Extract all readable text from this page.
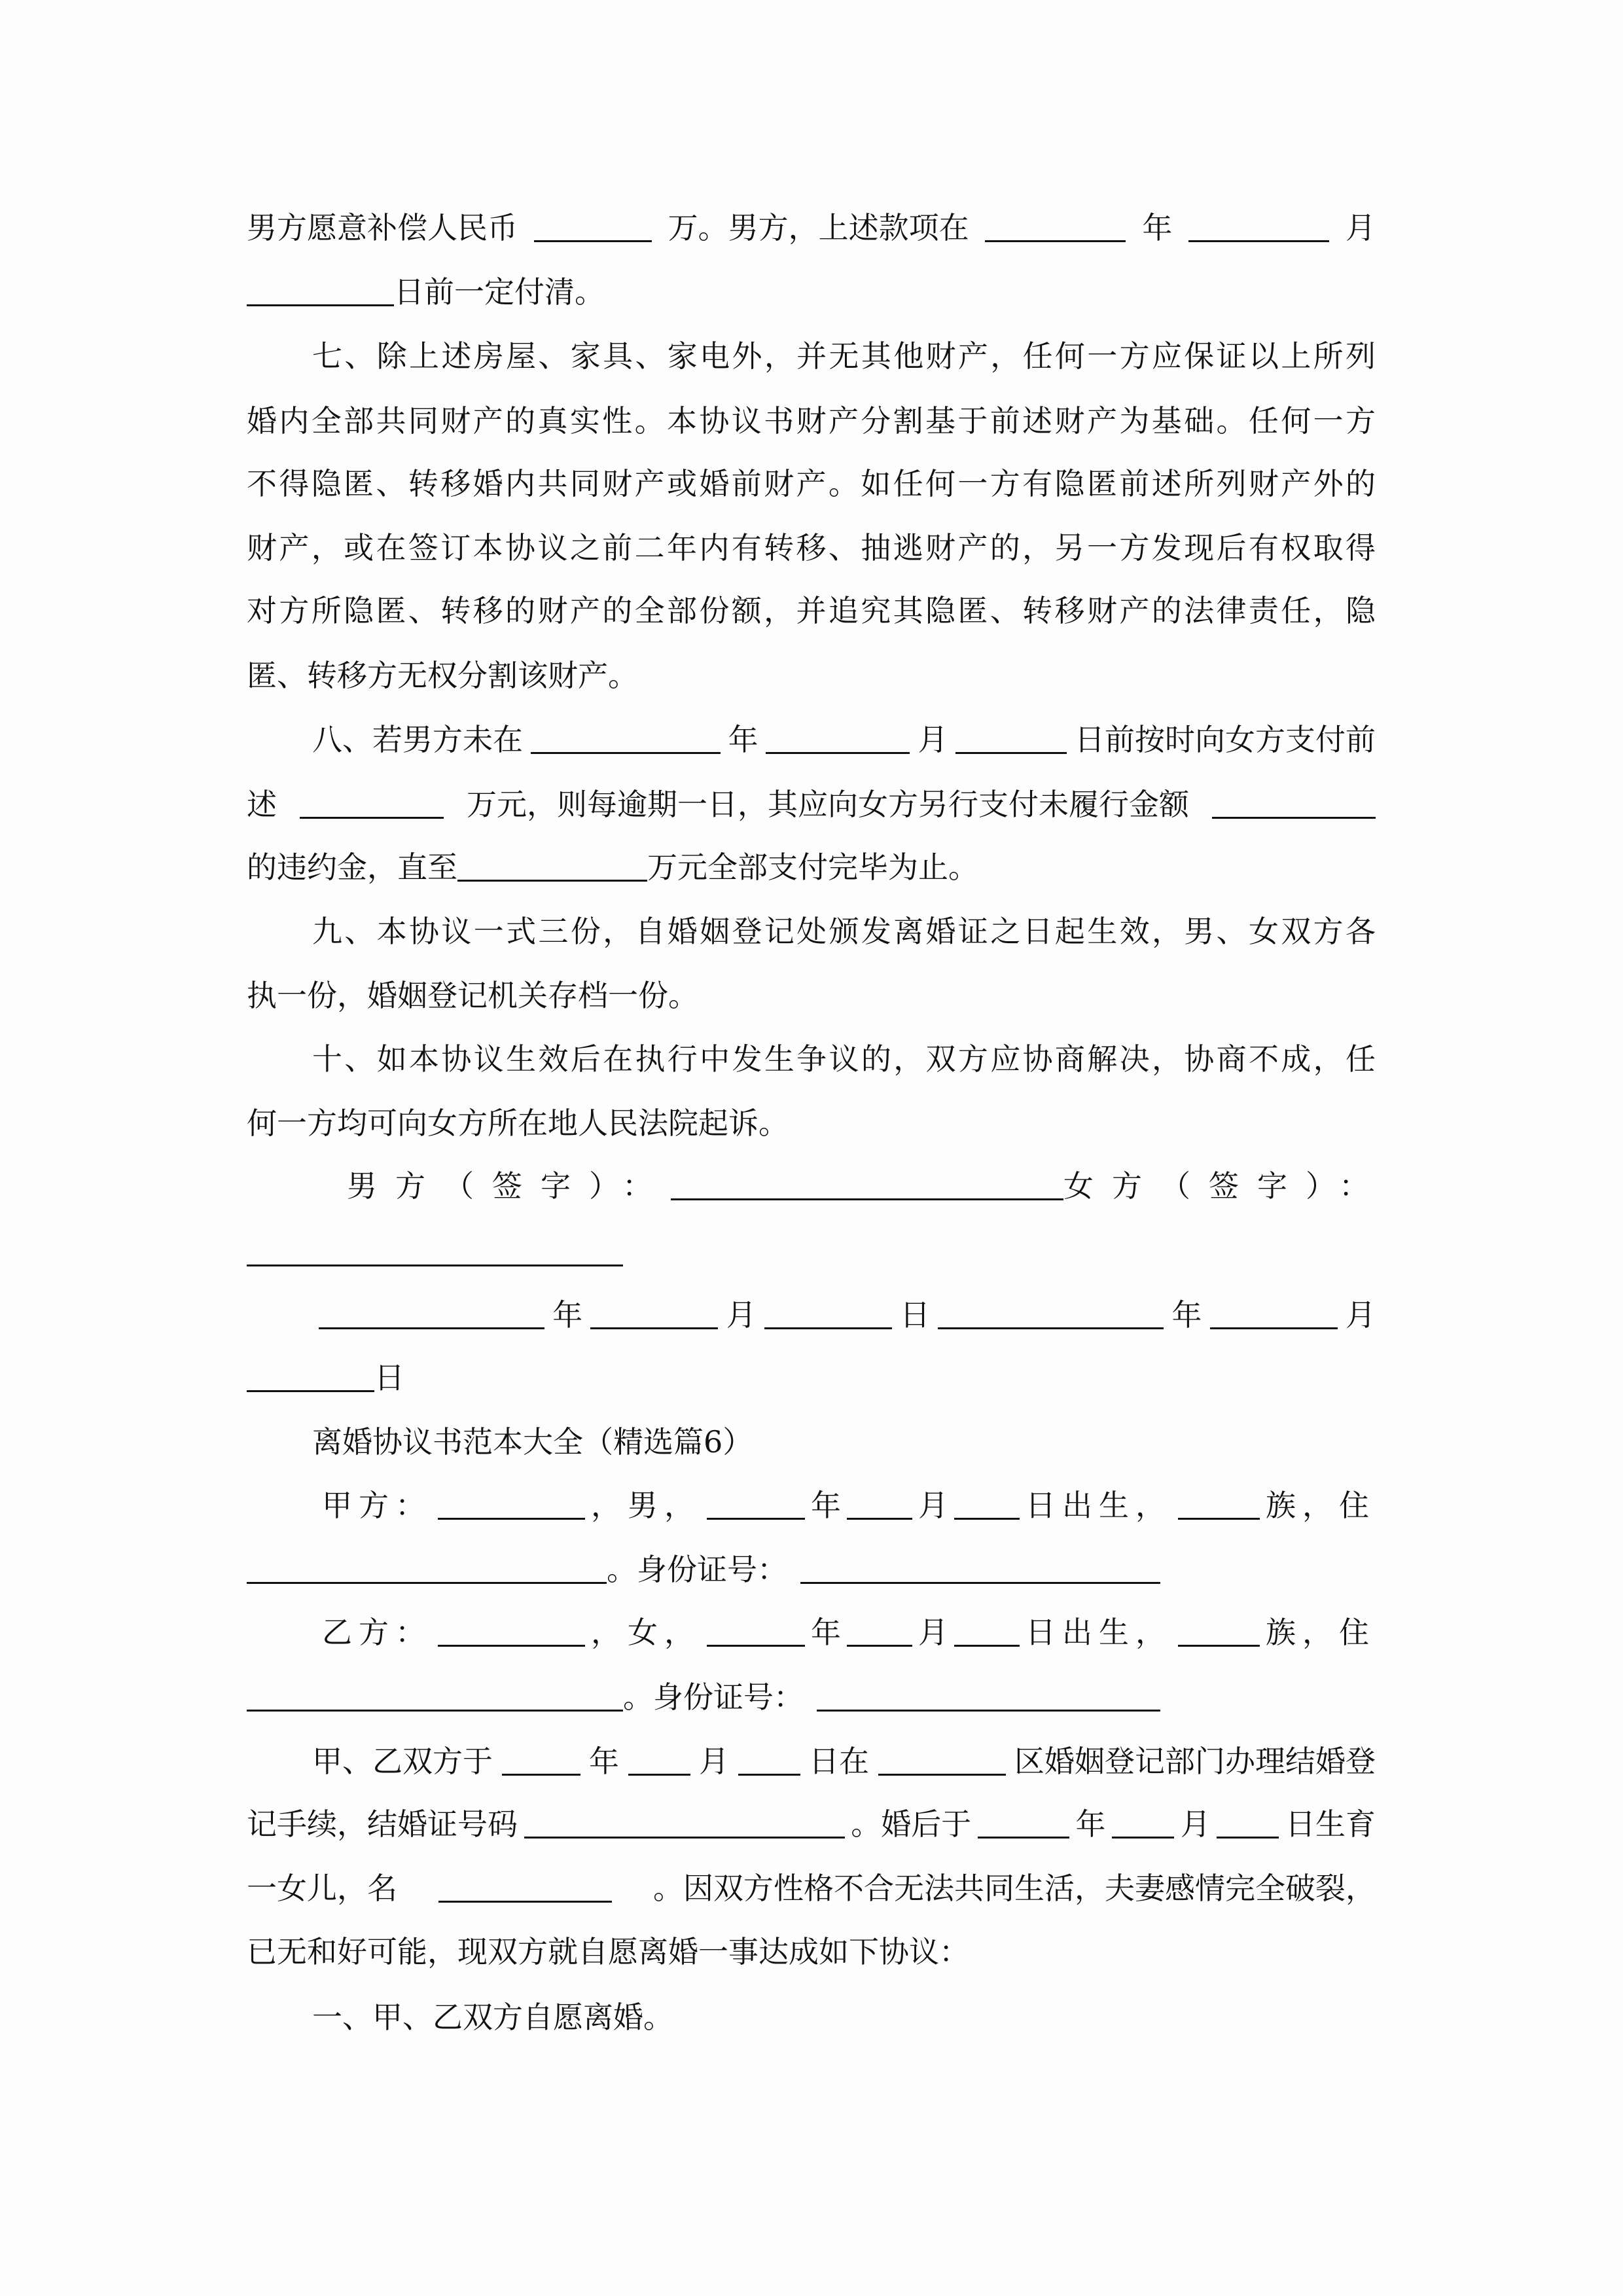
男方愿意补偿人民币	万。男方，上述款项在	年	月
日前一定付清。
七、除上述房屋、家具、家电外，并无其他财产，任何一方应保证以上所列
婚内全部共同财产的真实性。本协议书财产分割基于前述财产为基础。任何一方
不得隐匿、转移婚内共同财产或婚前财产。如任何一方有隐匿前述所列财产外的
财产，或在签订本协议之前二年内有转移、抽逃财产的，另一方发现后有权取得
对方所隐匿、转移的财产的全部份额，并追究其隐匿、转移财产的法律责任，隐
匿、转移方无权分割该财产。
八、若男方未在	年	月	日前按时向女方支付前
述	万元，则每逾期一日，其应向女方另行支付未履行金额
的违约金，直至	万元全部支付完毕为止。
九、本协议一式三份，自婚姻登记处颁发离婚证之日起生效，男、女双方各
执一份，婚姻登记机关存档一份。
十、如本协议生效后在执行中发生争议的，双方应协商解决，协商不成，任
何一方均可向女方所在地人民法院起诉。
男方（签字）：	女方（签字）：
年	月	日	年	月
日
离婚协议书范本大全（精选篇6）
甲方：	，男，	年	月	日出生，	族，住
。身份证号：
乙方：	，女，	年	月	日出生，	族，住
。身份证号：
甲、乙双方于	年	月	日在	区婚姻登记部门办理结婚登
记手续，结婚证号码	。婚后于	年 月 日生育
一女儿，名	。因双方性格不合无法共同生活，夫妻感情完全破裂，
已无和好可能，现双方就自愿离婚一事达成如下协议：
一、甲、乙双方自愿离婚。
